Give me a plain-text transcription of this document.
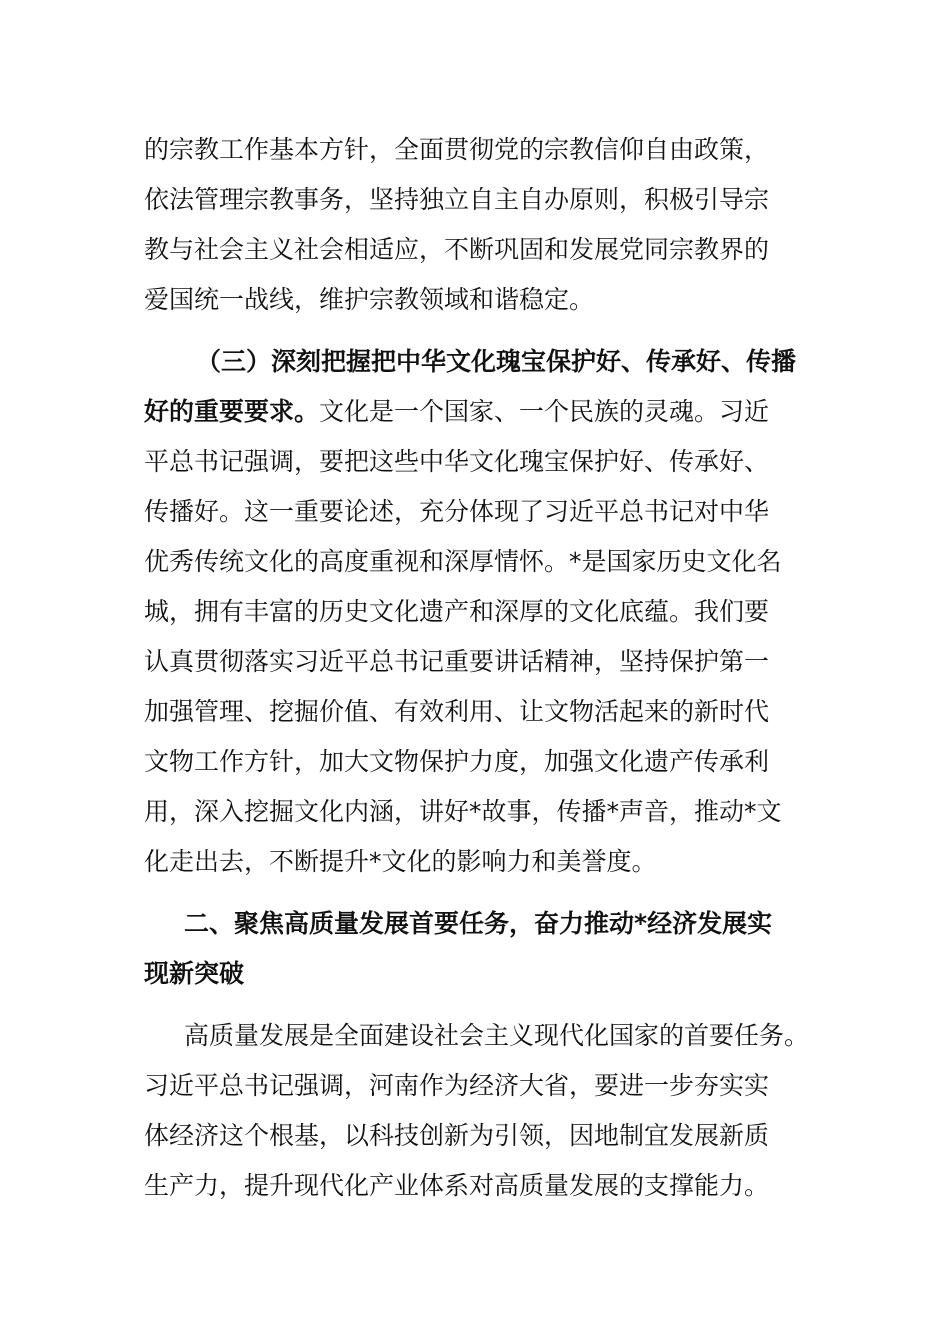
的宗教工作基本方针，全面贯彻党的宗教信仰自由政策，
依法管理宗教事务，坚持独立自主自办原则，积极引导宗
教与社会主义社会相适应，不断巩固和发展党同宗教界的
爱国统一战线，维护宗教领域和谐稳定。
（三）深刻把握把中华文化瑰宝保护好、传承好、传播
好的重要要求。文化是一个国家、一个民族的灵魂。习近
平总书记强调，要把这些中华文化瑰宝保护好、传承好、
传播好。这一重要论述，充分体现了习近平总书记对中华
优秀传统文化的高度重视和深厚情怀。*是国家历史文化名
城，拥有丰富的历史文化遗产和深厚的文化底蕴。我们要
认真贯彻落实习近平总书记重要讲话精神，坚持保护第一
加强管理、挖掘价值、有效利用、让文物活起来的新时代
文物工作方针，加大文物保护力度，加强文化遗产传承利
用，深入挖掘文化内涵，讲好*故事，传播*声音，推动*文
化走出去，不断提升*文化的影响力和美誉度。
二、聚焦高质量发展首要任务，奋力推动*经济发展实
现新突破
高质量发展是全面建设社会主义现代化国家的首要任务。
习近平总书记强调，河南作为经济大省，要进一步夯实实
体经济这个根基，以科技创新为引领，因地制宜发展新质
生产力，提升现代化产业体系对高质量发展的支撑能力。
